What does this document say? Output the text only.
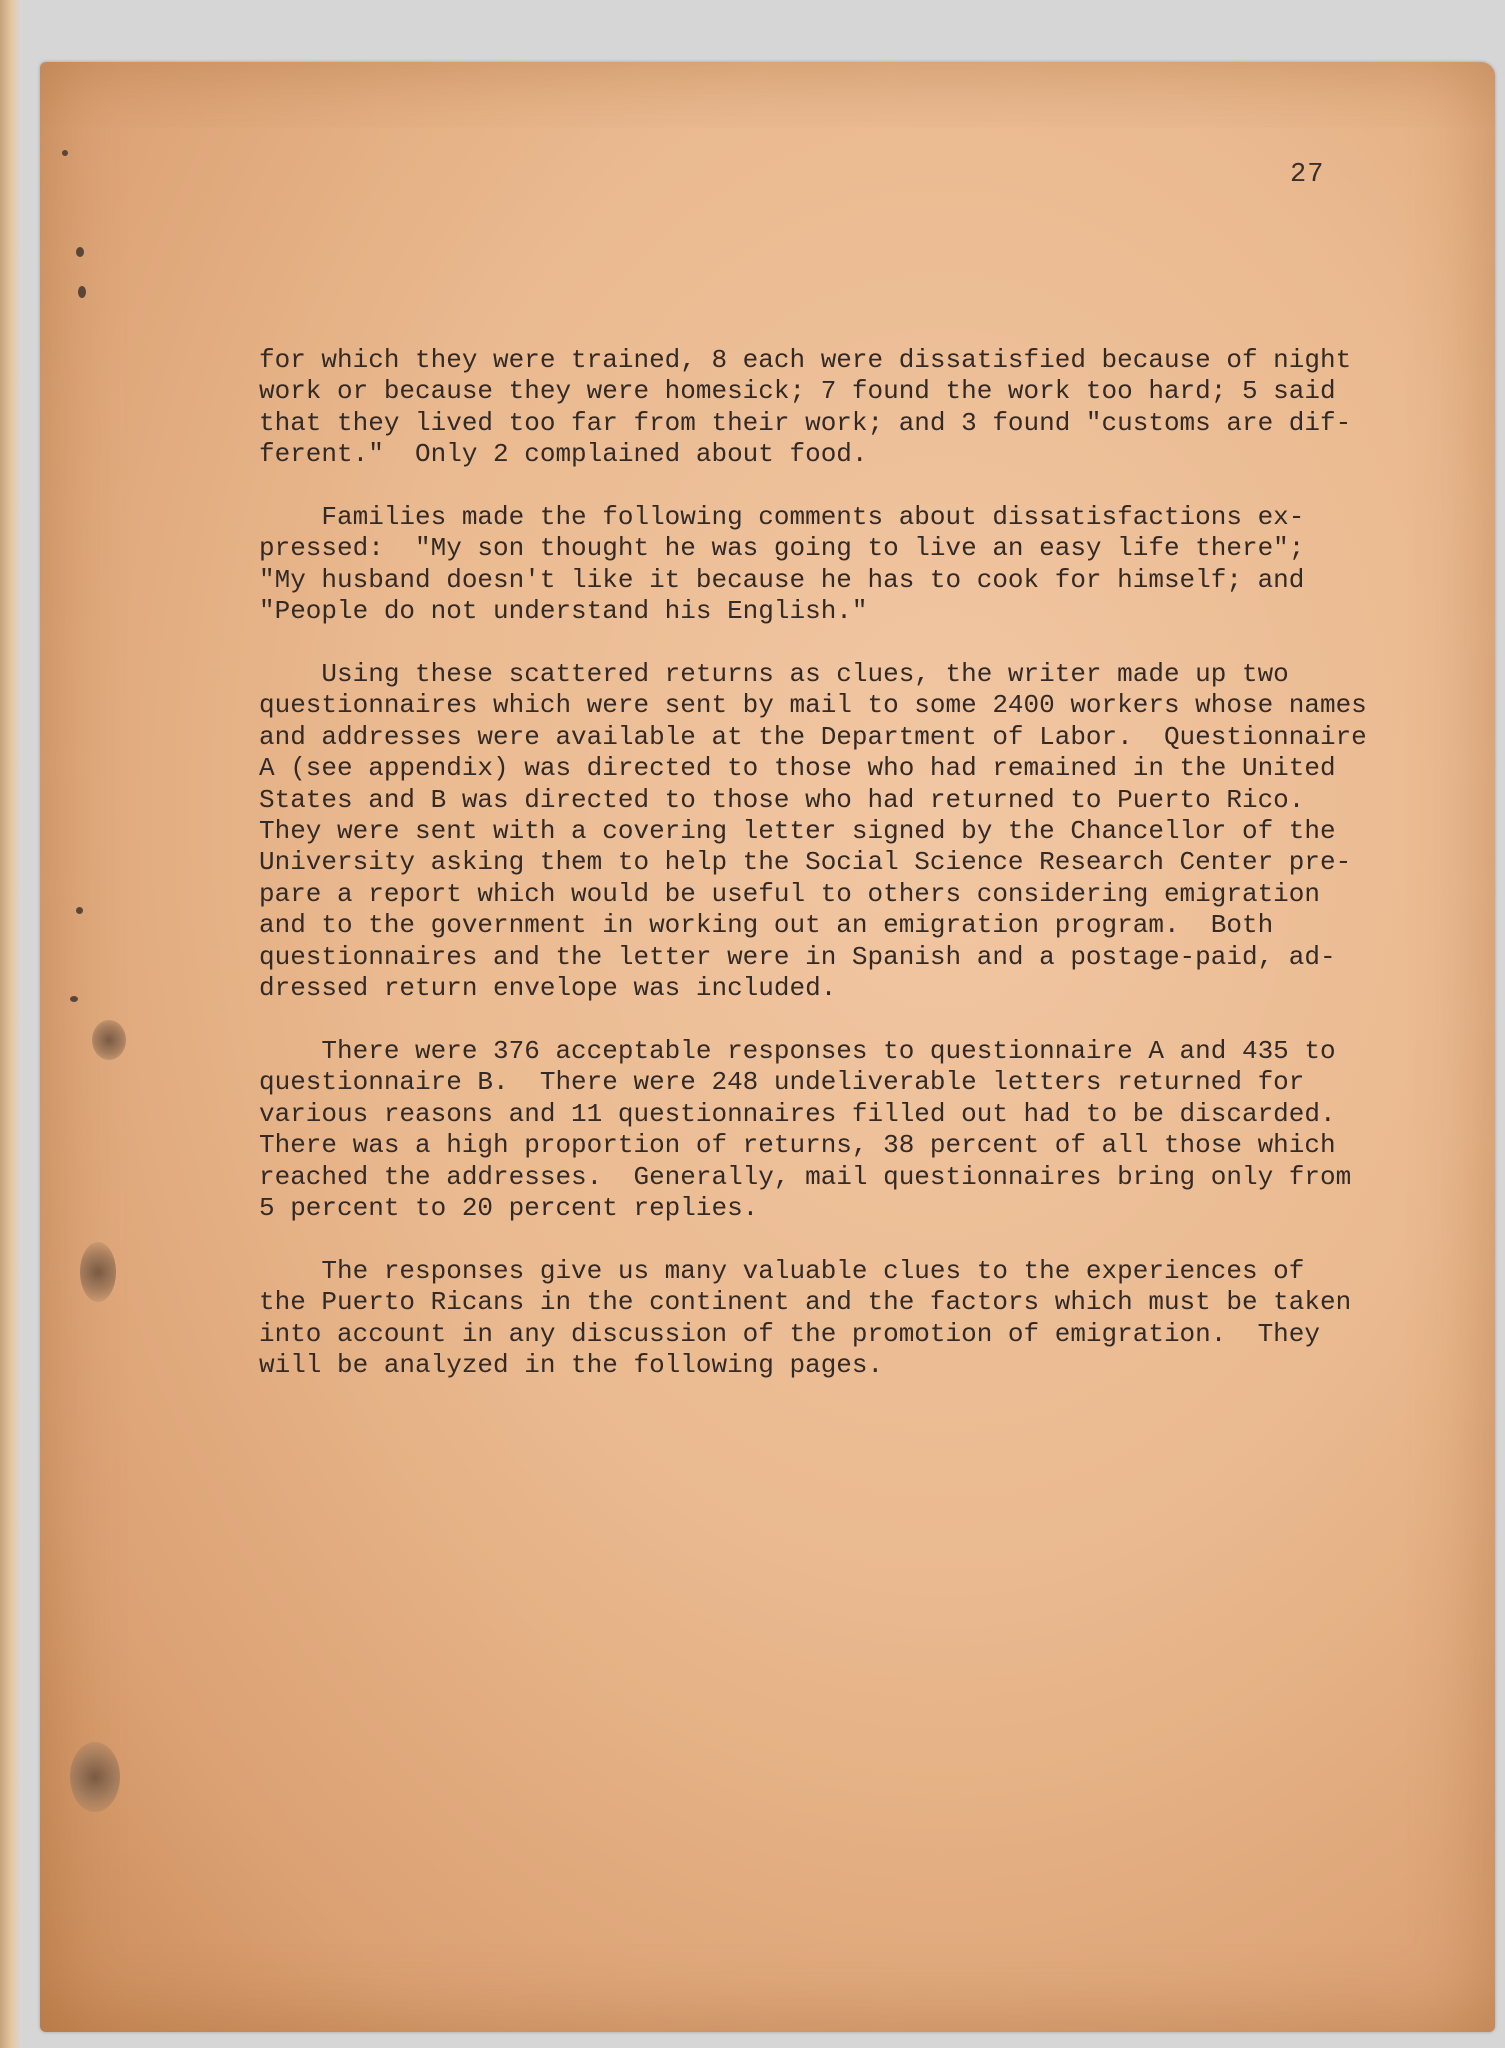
27

for which they were trained, 8 each were dissatisfied because of night
work or because they were homesick; 7 found the work too hard; 5 said
that they lived too far from their work; and 3 found "customs are dif-
ferent."  Only 2 complained about food.

Families made the following comments about dissatisfactions ex-
pressed:  "My son thought he was going to live an easy life there";
"My husband doesn't like it because he has to cook for himself; and
"People do not understand his English."

Using these scattered returns as clues, the writer made up two
questionnaires which were sent by mail to some 2400 workers whose names
and addresses were available at the Department of Labor.  Questionnaire
A (see appendix) was directed to those who had remained in the United
States and B was directed to those who had returned to Puerto Rico.
They were sent with a covering letter signed by the Chancellor of the
University asking them to help the Social Science Research Center pre-
pare a report which would be useful to others considering emigration
and to the government in working out an emigration program.  Both
questionnaires and the letter were in Spanish and a postage-paid, ad-
dressed return envelope was included.

There were 376 acceptable responses to questionnaire A and 435 to
questionnaire B.  There were 248 undeliverable letters returned for
various reasons and 11 questionnaires filled out had to be discarded.
There was a high proportion of returns, 38 percent of all those which
reached the addresses.  Generally, mail questionnaires bring only from
5 percent to 20 percent replies.

The responses give us many valuable clues to the experiences of
the Puerto Ricans in the continent and the factors which must be taken
into account in any discussion of the promotion of emigration.  They
will be analyzed in the following pages.
